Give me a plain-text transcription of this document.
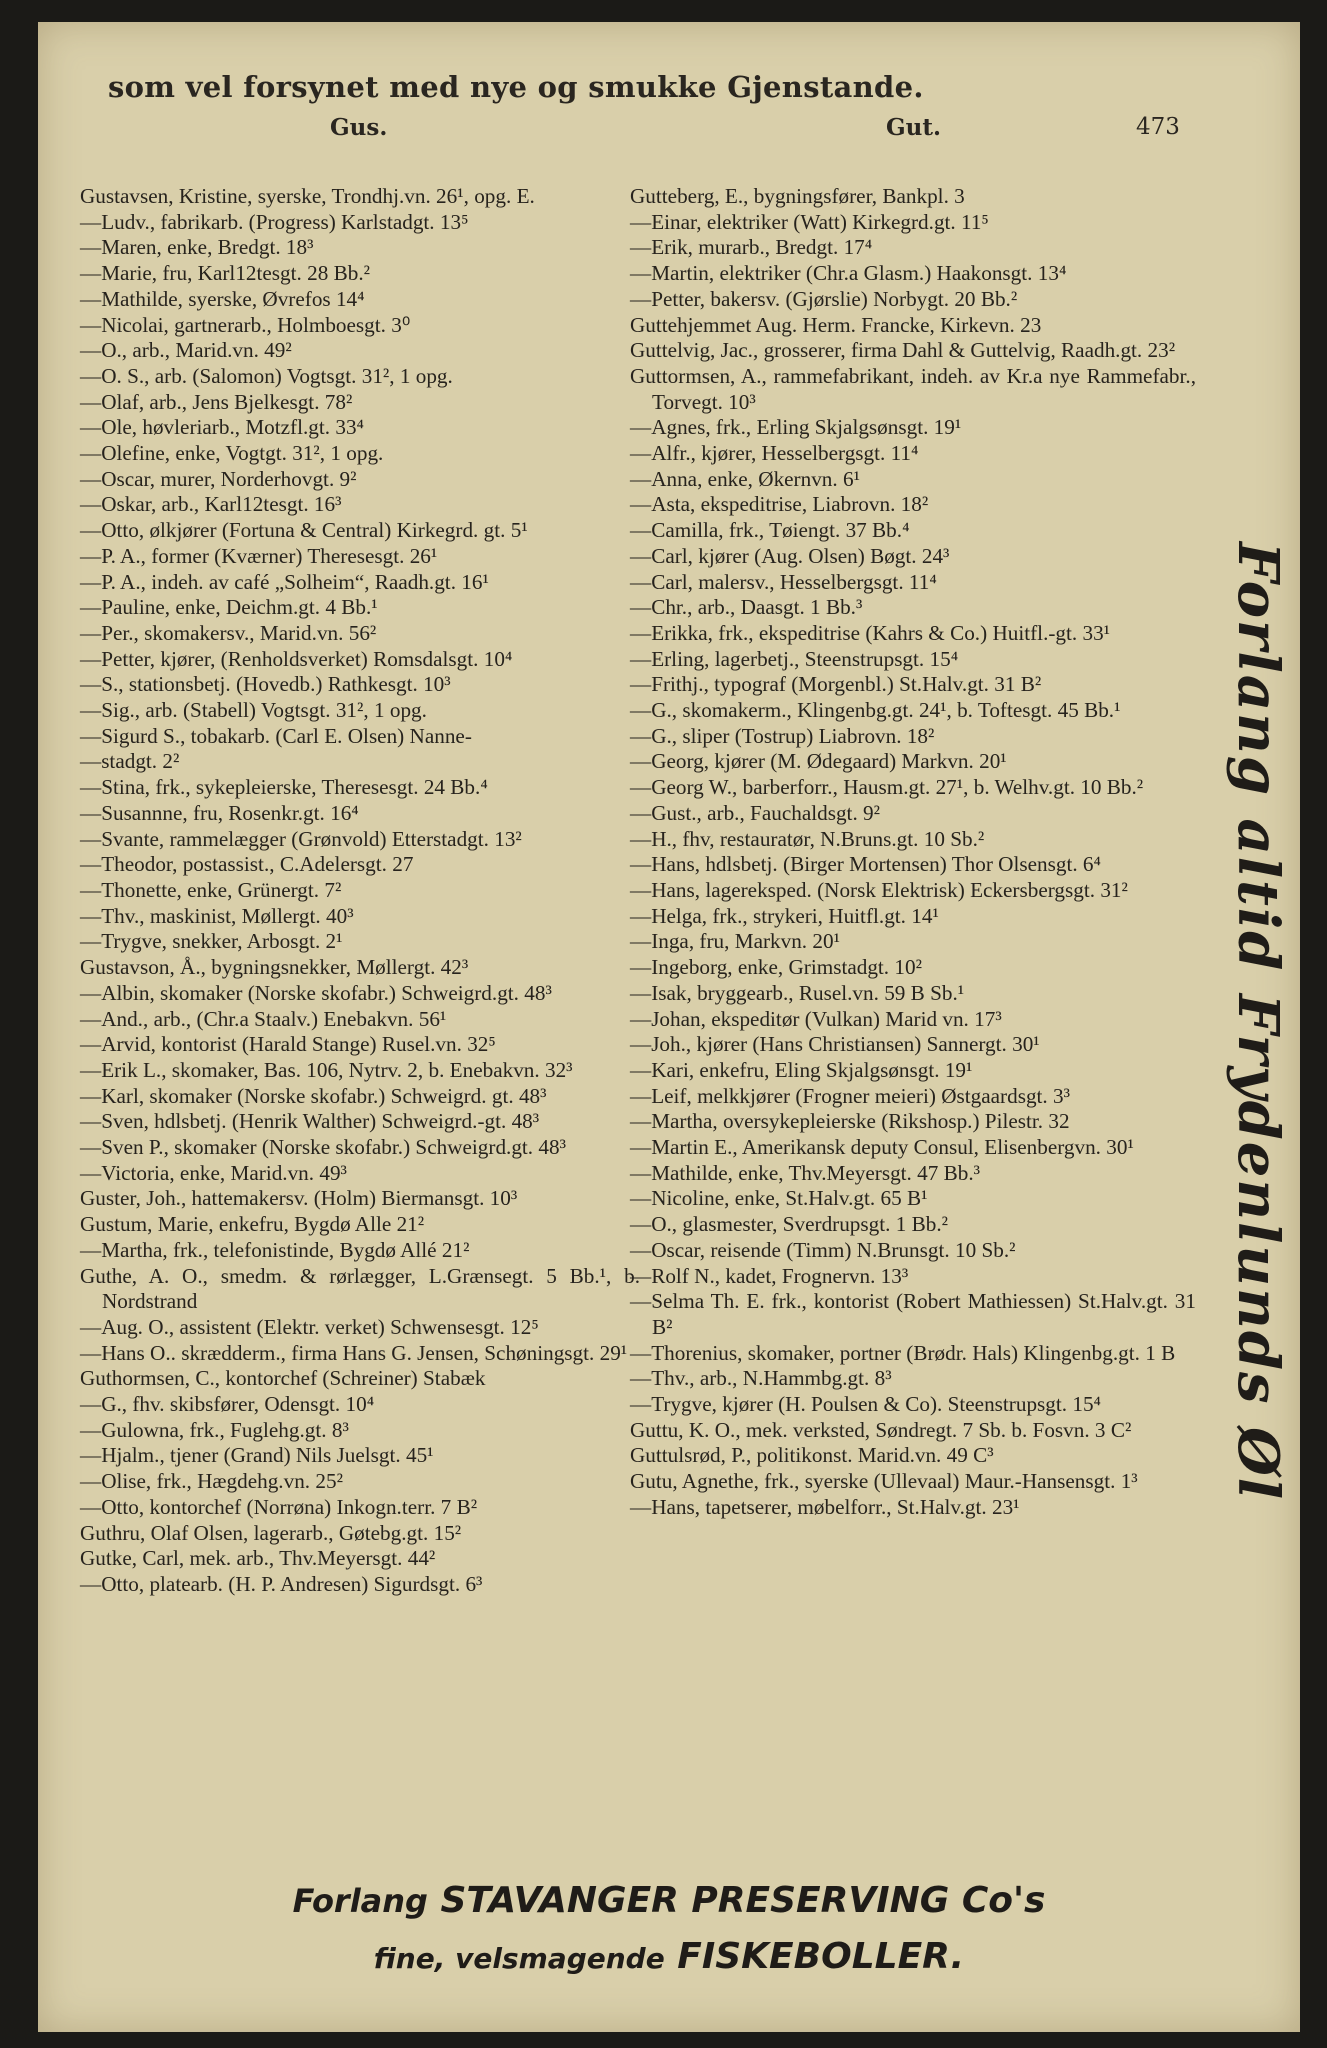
som vel forsynet med nye og smukke Gjenstande.
Gus.	Gut.	473

Gustavsen, Kristine, syerske, Trondhj.vn. 26¹, opg. E.

—Ludv., fabrikarb. (Progress) Karlstadgt. 13⁵

—Maren, enke, Bredgt. 18³

—Marie, fru, Karl12tesgt. 28 Bb.²

—Mathilde, syerske, Øvrefos 14⁴

—Nicolai, gartnerarb., Holmboesgt. 3⁰

—O., arb., Marid.vn. 49²

—O. S., arb. (Salomon) Vogtsgt. 31², 1 opg.

—Olaf, arb., Jens Bjelkesgt. 78²

—Ole, høvleriarb., Motzfl.gt. 33⁴

—Olefine, enke, Vogtgt. 31², 1 opg.

—Oscar, murer, Norderhovgt. 9²

—Oskar, arb., Karl12tesgt. 16³

—Otto, ølkjører (Fortuna & Central) Kirkegrd. gt. 5¹

—P. A., former (Kværner) Theresesgt. 26¹

—P. A., indeh. av café „Solheim“, Raadh.gt. 16¹

—Pauline, enke, Deichm.gt. 4 Bb.¹

—Per., skomakersv., Marid.vn. 56²

—Petter, kjører, (Renholdsverket) Romsdalsgt. 10⁴

—S., stationsbetj. (Hovedb.) Rathkesgt. 10³

—Sig., arb. (Stabell) Vogtsgt. 31², 1 opg.

—Sigurd S., tobakarb. (Carl E. Olsen) Nanne-

—stadgt. 2²

—Stina, frk., sykepleierske, Theresesgt. 24 Bb.⁴

—Susannne, fru, Rosenkr.gt. 16⁴

—Svante, rammelægger (Grønvold) Etterstadgt. 13²

—Theodor, postassist., C.Adelersgt. 27

—Thonette, enke, Grünergt. 7²

—Thv., maskinist, Møllergt. 40³

—Trygve, snekker, Arbosgt. 2¹

Gustavson, Å., bygningsnekker, Møllergt. 42³

—Albin, skomaker (Norske skofabr.) Schweigrd.gt. 48³

—And., arb., (Chr.a Staalv.) Enebakvn. 56¹

—Arvid, kontorist (Harald Stange) Rusel.vn. 32⁵

—Erik L., skomaker, Bas. 106, Nytrv. 2, b. Enebakvn. 32³

—Karl, skomaker (Norske skofabr.) Schweigrd. gt. 48³

—Sven, hdlsbetj. (Henrik Walther) Schweigrd.-gt. 48³

—Sven P., skomaker (Norske skofabr.) Schweigrd.gt. 48³

—Victoria, enke, Marid.vn. 49³

Guster, Joh., hattemakersv. (Holm) Biermansgt. 10³

Gustum, Marie, enkefru, Bygdø Alle 21²

—Martha, frk., telefonistinde, Bygdø Allé 21²

Guthe, A. O., smedm. & rørlægger, L.Grænsegt. 5 Bb.¹, b. Nordstrand

—Aug. O., assistent (Elektr. verket) Schwensesgt. 12⁵

—Hans O.. skrædderm., firma Hans G. Jensen, Schøningsgt. 29¹

Guthormsen, C., kontorchef (Schreiner) Stabæk

—G., fhv. skibsfører, Odensgt. 10⁴

—Gulowna, frk., Fuglehg.gt. 8³

—Hjalm., tjener (Grand) Nils Juelsgt. 45¹

—Olise, frk., Hægdehg.vn. 25²

—Otto, kontorchef (Norrøna) Inkogn.terr. 7 B²

Guthru, Olaf Olsen, lagerarb., Gøtebg.gt. 15²

Gutke, Carl, mek. arb., Thv.Meyersgt. 44²

—Otto, platearb. (H. P. Andresen) Sigurdsgt. 6³

Gutteberg, E., bygningsfører, Bankpl. 3

—Einar, elektriker (Watt) Kirkegrd.gt. 11⁵

—Erik, murarb., Bredgt. 17⁴

—Martin, elektriker (Chr.a Glasm.) Haakonsgt. 13⁴

—Petter, bakersv. (Gjørslie) Norbygt. 20 Bb.²

Guttehjemmet Aug. Herm. Francke, Kirkevn. 23

Guttelvig, Jac., grosserer, firma Dahl & Guttelvig, Raadh.gt. 23²

Guttormsen, A., rammefabrikant, indeh. av Kr.a nye Rammefabr., Torvegt. 10³

—Agnes, frk., Erling Skjalgsønsgt. 19¹

—Alfr., kjører, Hesselbergsgt. 11⁴

—Anna, enke, Økernvn. 6¹

—Asta, ekspeditrise, Liabrovn. 18²

—Camilla, frk., Tøiengt. 37 Bb.⁴

—Carl, kjører (Aug. Olsen) Bøgt. 24³

—Carl, malersv., Hesselbergsgt. 11⁴

—Chr., arb., Daasgt. 1 Bb.³

—Erikka, frk., ekspeditrise (Kahrs & Co.) Huitfl.-gt. 33¹

—Erling, lagerbetj., Steenstrupsgt. 15⁴

—Frithj., typograf (Morgenbl.) St.Halv.gt. 31 B²

—G., skomakerm., Klingenbg.gt. 24¹, b. Toftesgt. 45 Bb.¹

—G., sliper (Tostrup) Liabrovn. 18²

—Georg, kjører (M. Ødegaard) Markvn. 20¹

—Georg W., barberforr., Hausm.gt. 27¹, b. Welhv.gt. 10 Bb.²

—Gust., arb., Fauchaldsgt. 9²

—H., fhv, restauratør, N.Bruns.gt. 10 Sb.²

—Hans, hdlsbetj. (Birger Mortensen) Thor Olsensgt. 6⁴

—Hans, lagereksped. (Norsk Elektrisk) Eckersbergsgt. 31²

—Helga, frk., strykeri, Huitfl.gt. 14¹

—Inga, fru, Markvn. 20¹

—Ingeborg, enke, Grimstadgt. 10²

—Isak, bryggearb., Rusel.vn. 59 B Sb.¹

—Johan, ekspeditør (Vulkan) Marid vn. 17³

—Joh., kjører (Hans Christiansen) Sannergt. 30¹

—Kari, enkefru, Eling Skjalgsønsgt. 19¹

—Leif, melkkjører (Frogner meieri) Østgaardsgt. 3³

—Martha, oversykepleierske (Rikshosp.) Pilestr. 32

—Martin E., Amerikansk deputy Consul, Elisenbergvn. 30¹

—Mathilde, enke, Thv.Meyersgt. 47 Bb.³

—Nicoline, enke, St.Halv.gt. 65 B¹

—O., glasmester, Sverdrupsgt. 1 Bb.²

—Oscar, reisende (Timm) N.Brunsgt. 10 Sb.²

—Rolf N., kadet, Frognervn. 13³

—Selma Th. E. frk., kontorist (Robert Mathiessen) St.Halv.gt. 31 B²

—Thorenius, skomaker, portner (Brødr. Hals) Klingenbg.gt. 1 B

—Thv., arb., N.Hammbg.gt. 8³

—Trygve, kjører (H. Poulsen & Co). Steenstrupsgt. 15⁴

Guttu, K. O., mek. verksted, Søndregt. 7 Sb. b. Fosvn. 3 C²

Guttulsrød, P., politikonst. Marid.vn. 49 C³

Gutu, Agnethe, frk., syerske (Ullevaal) Maur.-Hansensgt. 1³

—Hans, tapetserer, møbelforr., St.Halv.gt. 23¹

Forlang altid Frydenlunds Øl
Forlang STAVANGER PRESERVING Co's
fine, velsmagende FISKEBOLLER.
